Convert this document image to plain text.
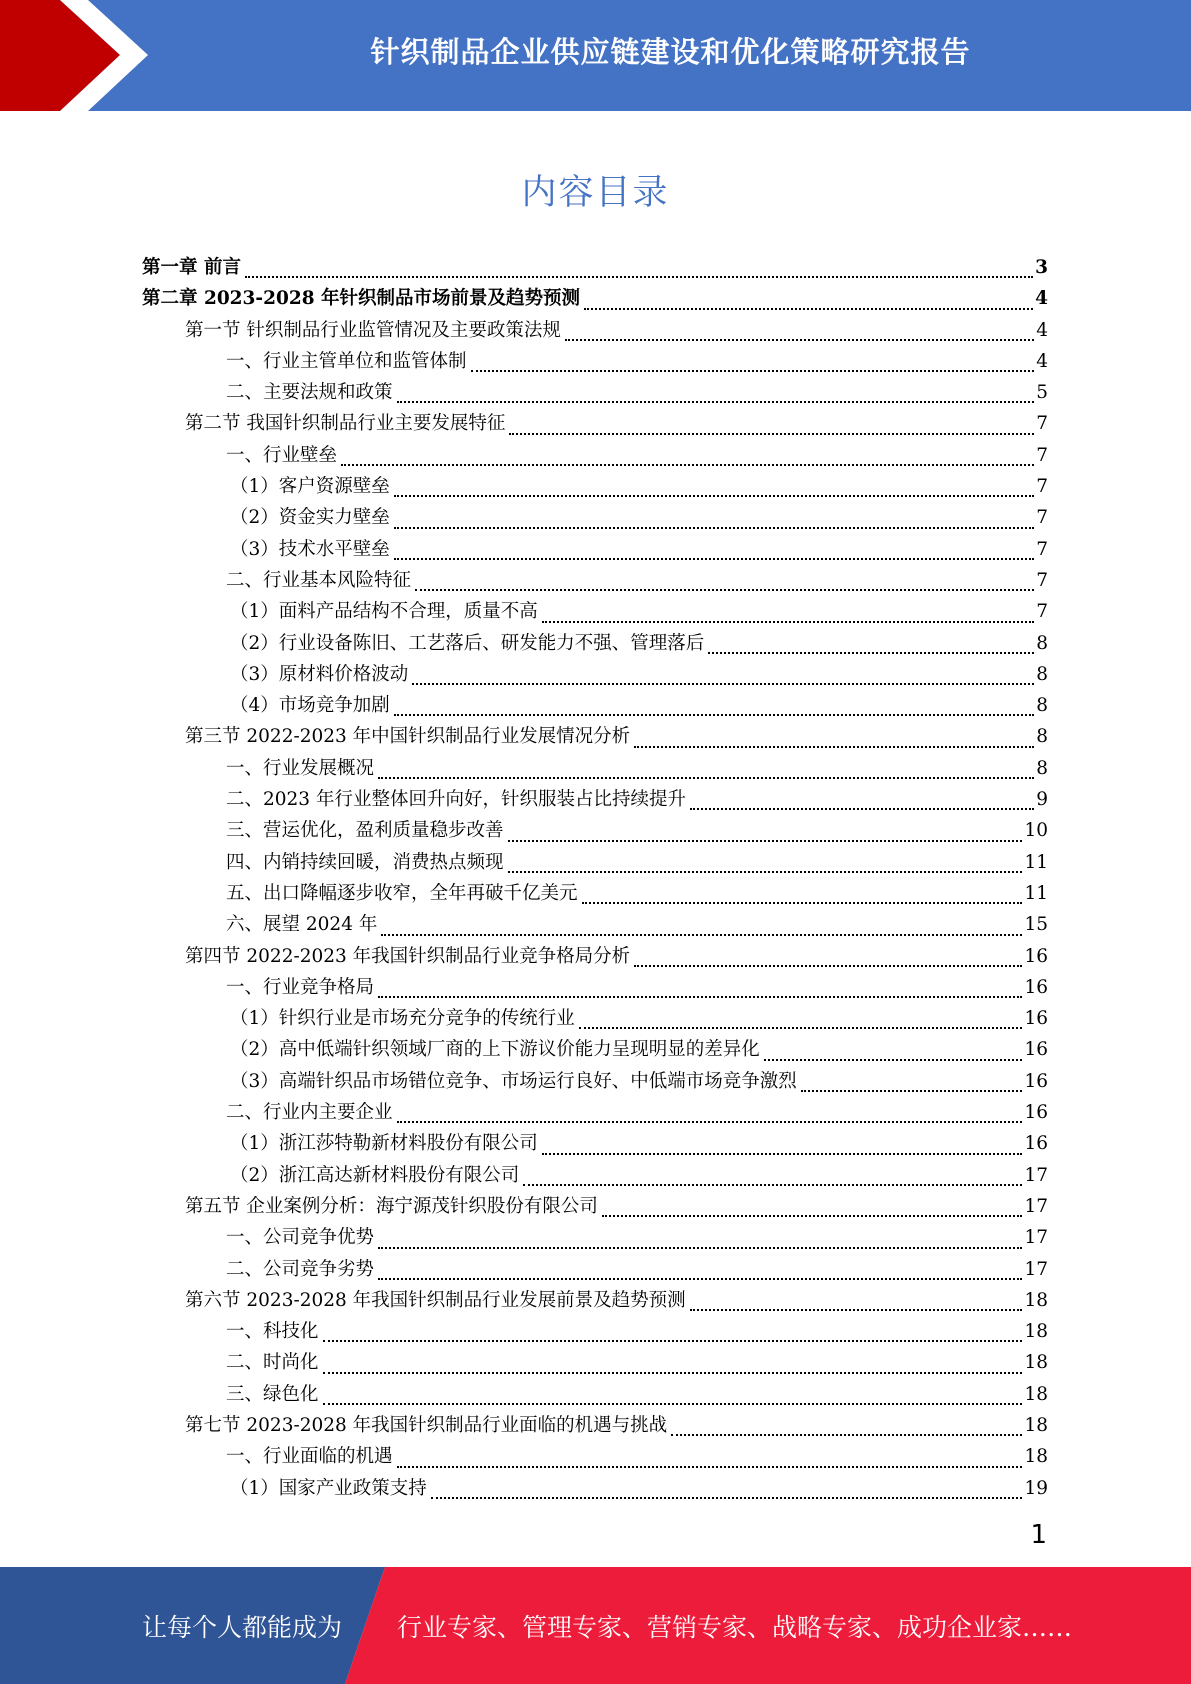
针织制品企业供应链建设和优化策略研究报告
内容目录
第一章 前言	3
第二章 2023-2028 年针织制品市场前景及趋势预测	4
第一节 针织制品行业监管情况及主要政策法规	4
一、行业主管单位和监管体制	4
二、主要法规和政策	5
第二节 我国针织制品行业主要发展特征	7
一、行业壁垒	7
（1）客户资源壁垒	7
（2）资金实力壁垒	7
（3）技术水平壁垒	7
二、行业基本风险特征	7
（1）面料产品结构不合理，质量不高	7
（2）行业设备陈旧、工艺落后、研发能力不强、管理落后	8
（3）原材料价格波动	8
（4）市场竞争加剧	8
第三节 2022-2023 年中国针织制品行业发展情况分析	8
一、行业发展概况	8
二、2023 年行业整体回升向好，针织服装占比持续提升	9
三、营运优化，盈利质量稳步改善	10
四、内销持续回暖，消费热点频现	11
五、出口降幅逐步收窄，全年再破千亿美元	11
六、展望 2024 年	15
第四节 2022-2023 年我国针织制品行业竞争格局分析	16
一、行业竞争格局	16
（1）针织行业是市场充分竞争的传统行业	16
（2）高中低端针织领域厂商的上下游议价能力呈现明显的差异化	16
（3）高端针织品市场错位竞争、市场运行良好、中低端市场竞争激烈	16
二、行业内主要企业	16
（1）浙江莎特勒新材料股份有限公司	16
（2）浙江高达新材料股份有限公司	17
第五节 企业案例分析：海宁源茂针织股份有限公司	17
一、公司竞争优势	17
二、公司竞争劣势	17
第六节 2023-2028 年我国针织制品行业发展前景及趋势预测	18
一、科技化	18
二、时尚化	18
三、绿色化	18
第七节 2023-2028 年我国针织制品行业面临的机遇与挑战	18
一、行业面临的机遇	18
（1）国家产业政策支持	19
1
让每个人都能成为 行业专家、管理专家、营销专家、战略专家、成功企业家……
